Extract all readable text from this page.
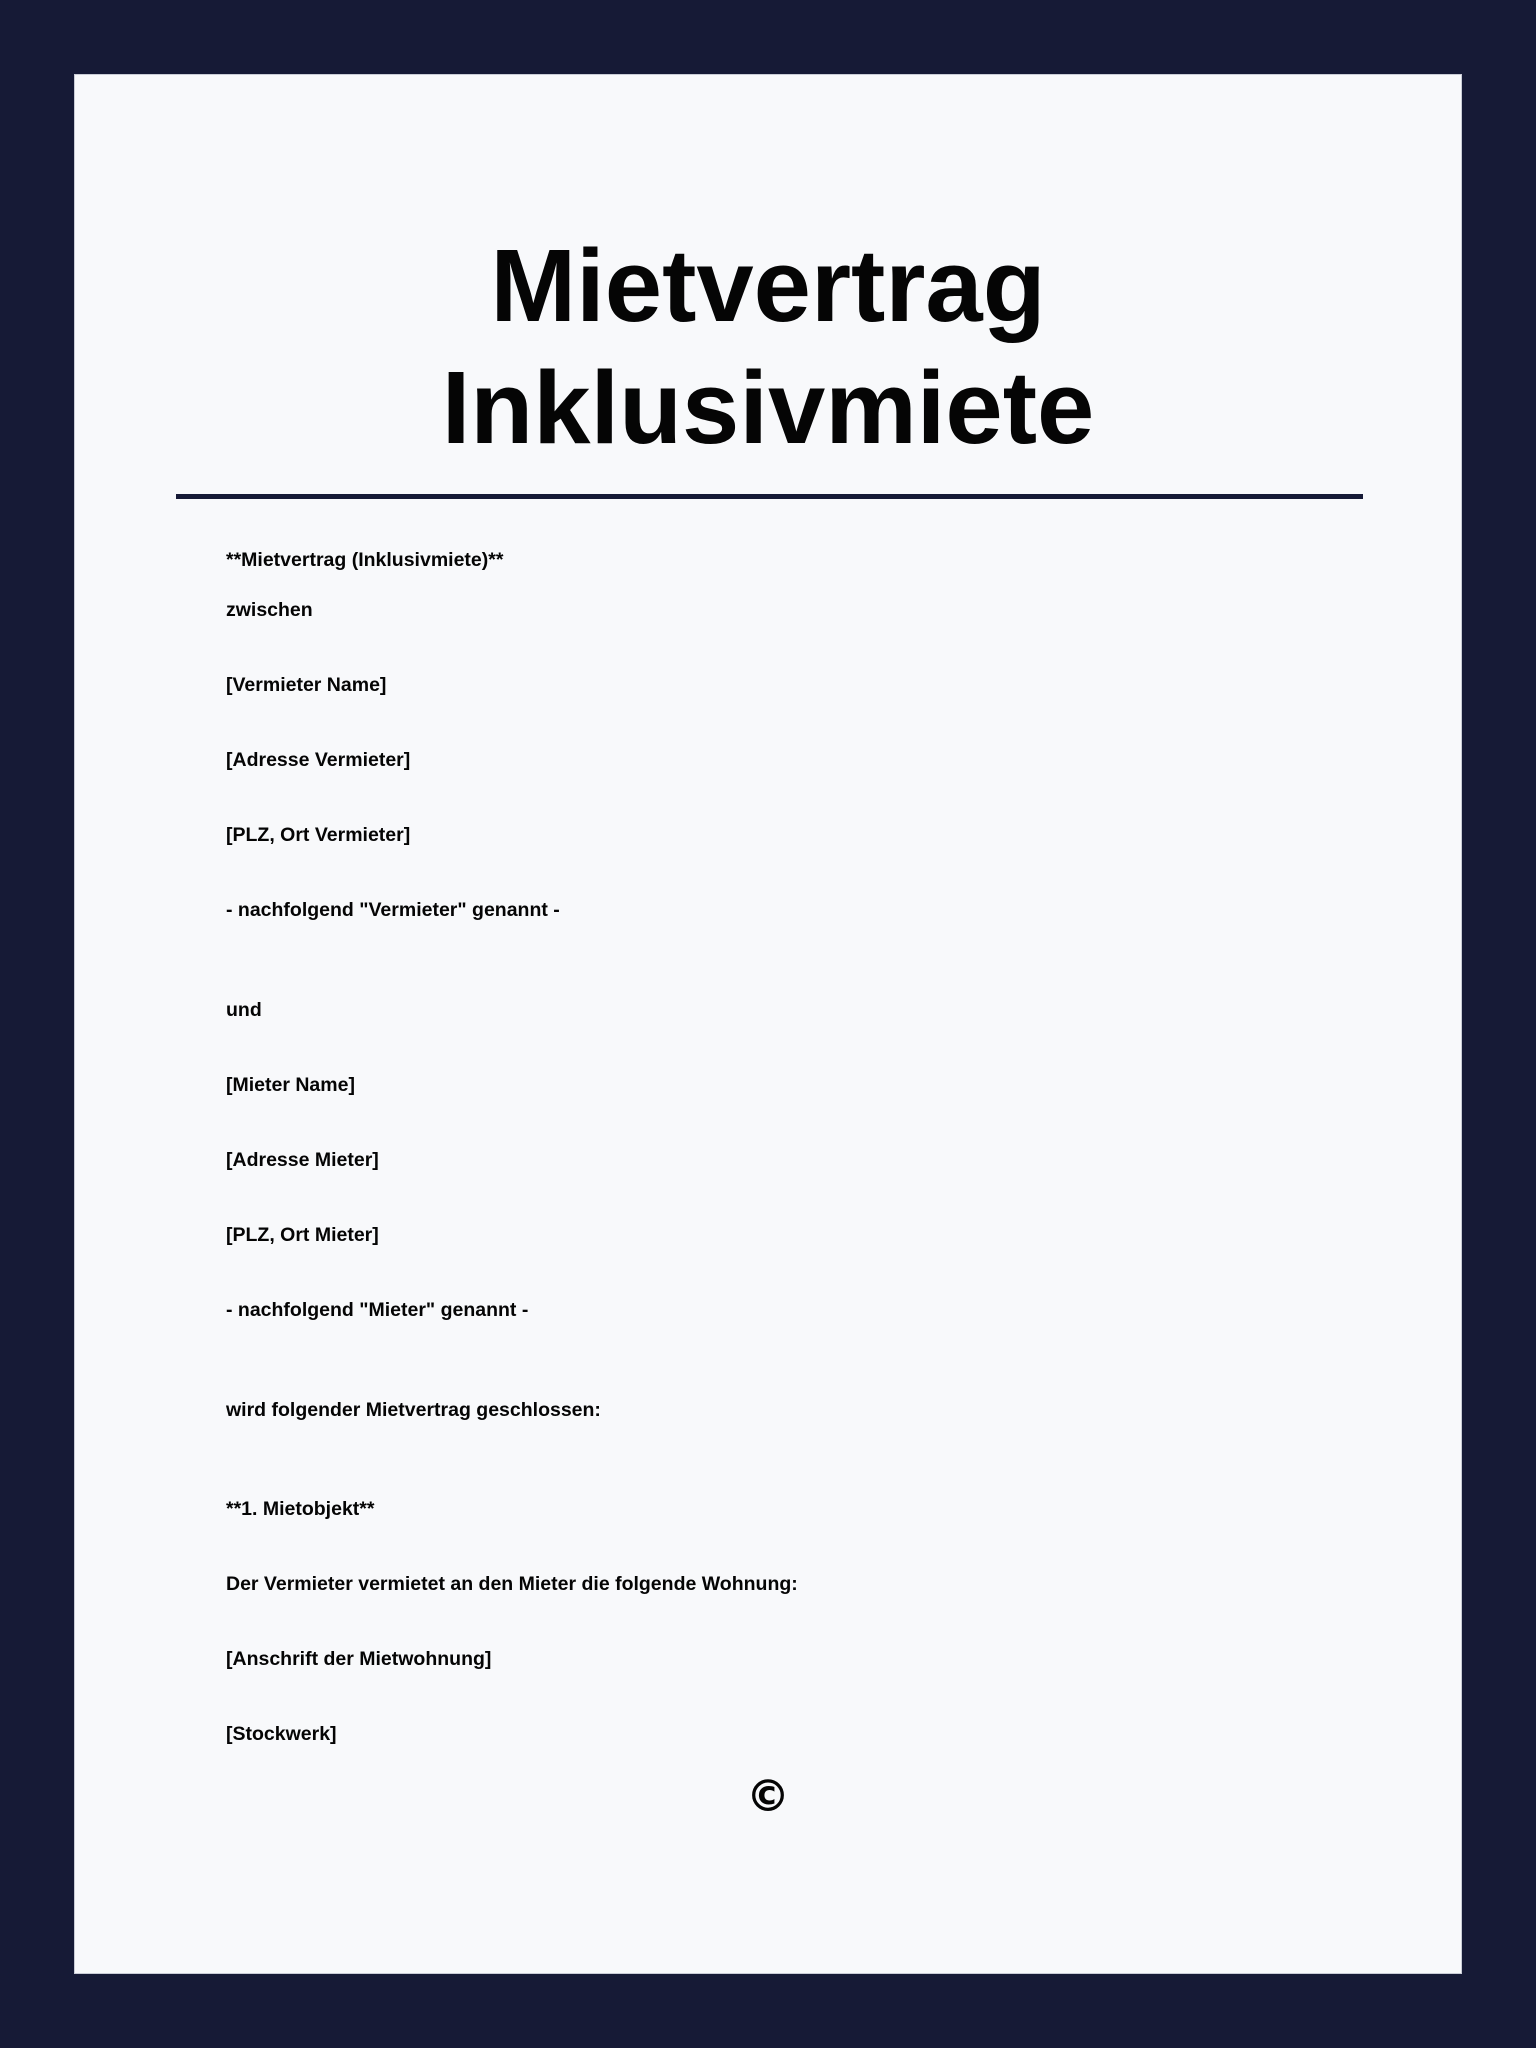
Mietvertrag
Inklusivmiete
**Mietvertrag (Inklusivmiete)**
zwischen
[Vermieter Name]
[Adresse Vermieter]
[PLZ, Ort Vermieter]
- nachfolgend "Vermieter" genannt -
und
[Mieter Name]
[Adresse Mieter]
[PLZ, Ort Mieter]
- nachfolgend "Mieter" genannt -
wird folgender Mietvertrag geschlossen:
**1. Mietobjekt**
Der Vermieter vermietet an den Mieter die folgende Wohnung:
[Anschrift der Mietwohnung]
[Stockwerk]
©
